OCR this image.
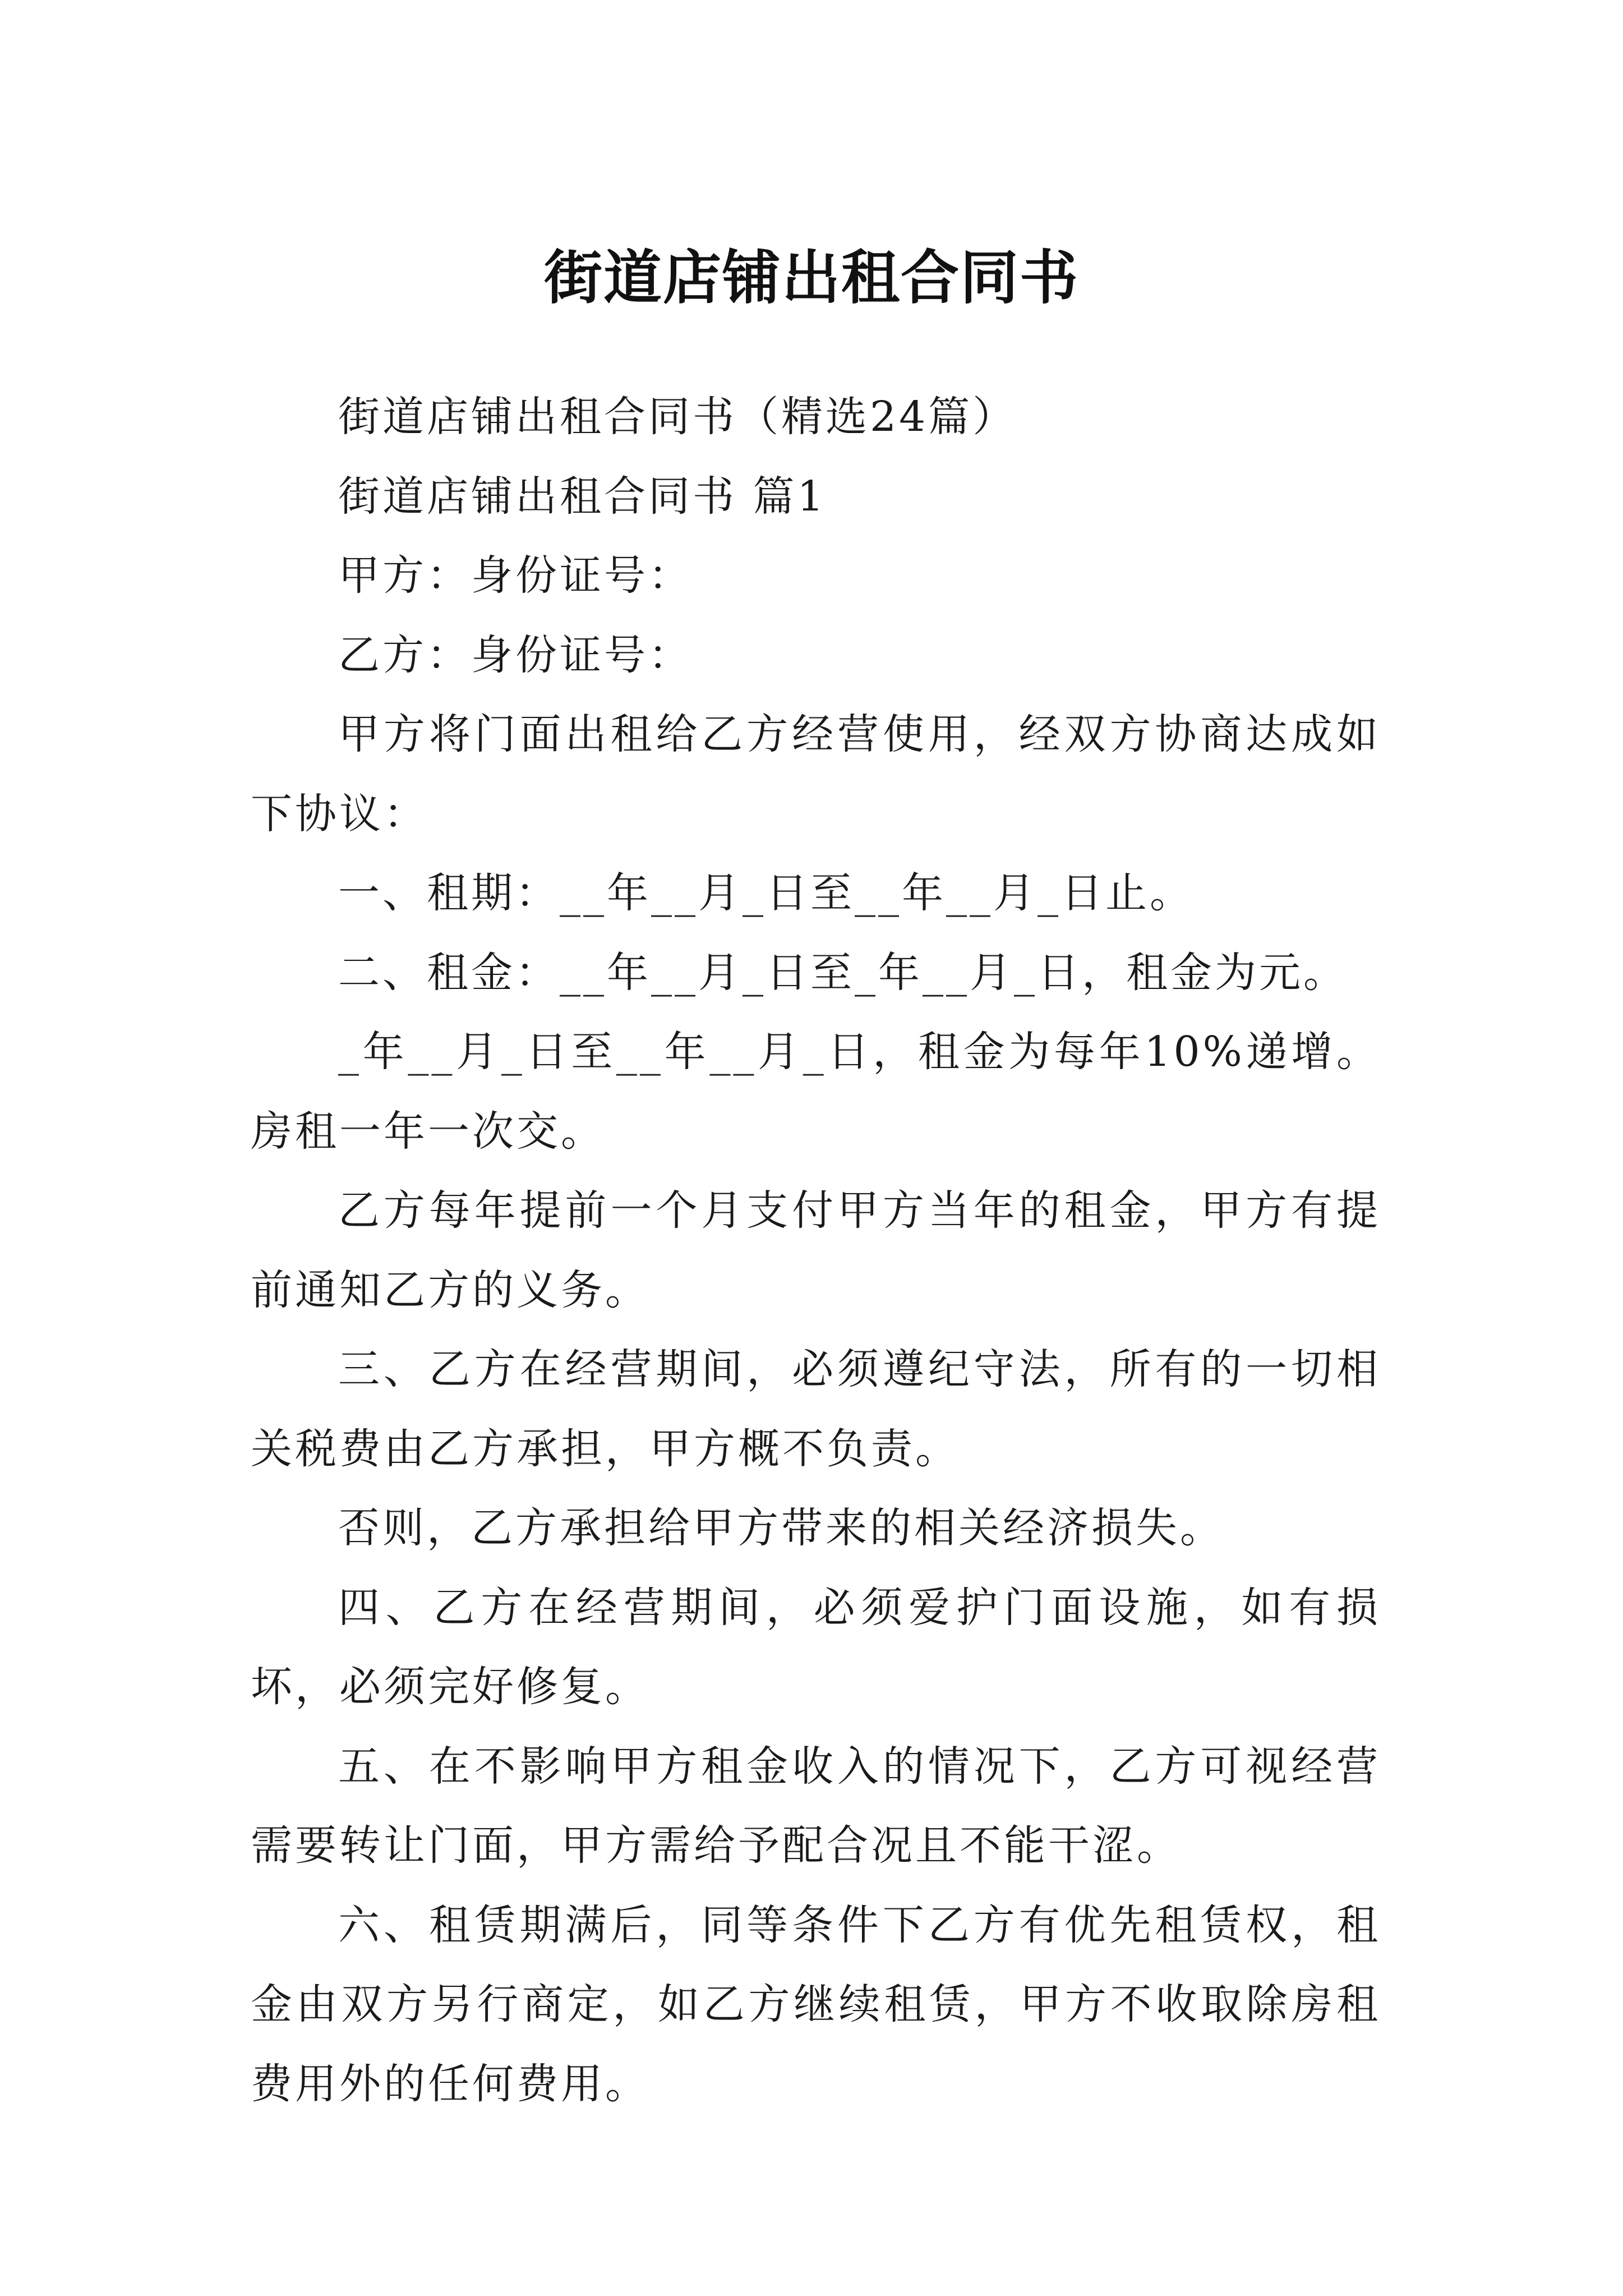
街道店铺出租合同书

街道店铺出租合同书（精选24篇）

街道店铺出租合同书 篇1

甲方：身份证号：

乙方：身份证号：

甲方将门面出租给乙方经营使用，经双方协商达成如下协议：

一、租期：__年__月_日至__年__月_日止。

二、租金：__年__月_日至_年__月_日，租金为元。

_年__月_日至__年__月_日，租金为每年10%递增。房租一年一次交。

乙方每年提前一个月支付甲方当年的租金，甲方有提前通知乙方的义务。

三、乙方在经营期间，必须遵纪守法，所有的一切相关税费由乙方承担，甲方概不负责。

否则，乙方承担给甲方带来的相关经济损失。

四、乙方在经营期间，必须爱护门面设施，如有损坏，必须完好修复。

五、在不影响甲方租金收入的情况下，乙方可视经营需要转让门面，甲方需给予配合况且不能干涩。

六、租赁期满后，同等条件下乙方有优先租赁权，租金由双方另行商定，如乙方继续租赁，甲方不收取除房租费用外的任何费用。
